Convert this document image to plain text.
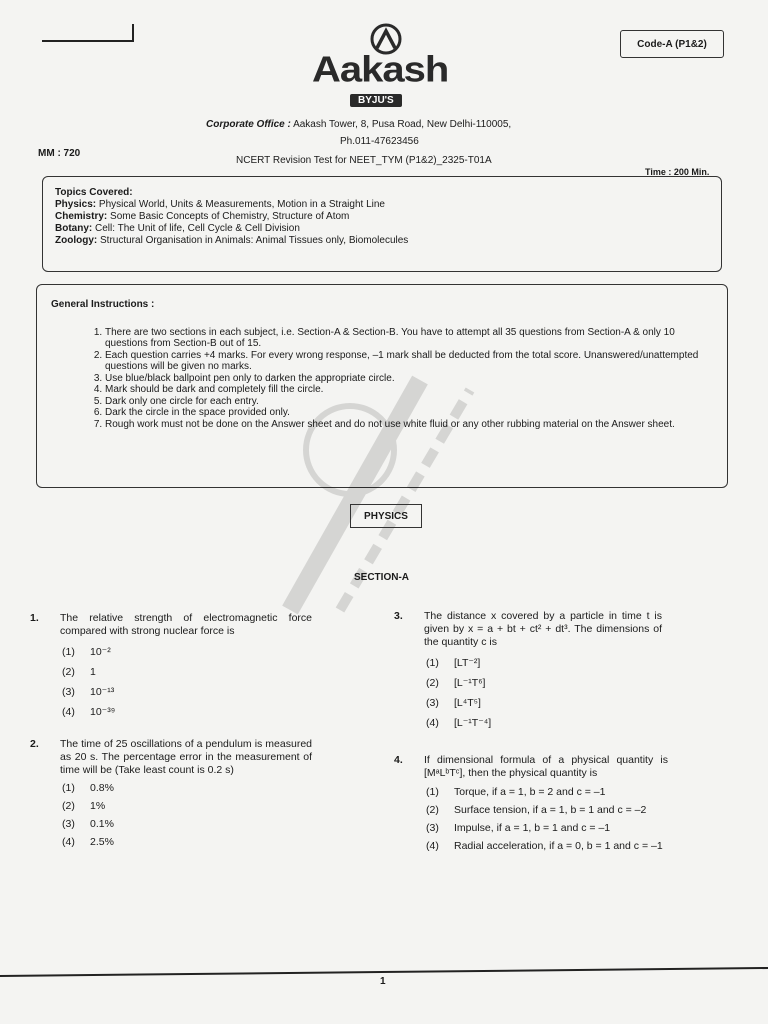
Code-A (P1&2)
Aakash
BYJU'S
Corporate Office : Aakash Tower, 8, Pusa Road, New Delhi-110005,
Ph.011-47623456
MM : 720
NCERT Revision Test for NEET_TYM (P1&2)_2325-T01A
Time : 200 Min.
Topics Covered:
Physics: Physical World, Units & Measurements, Motion in a Straight Line
Chemistry: Some Basic Concepts of Chemistry, Structure of Atom
Botany: Cell: The Unit of life, Cell Cycle & Cell Division
Zoology: Structural Organisation in Animals: Animal Tissues only, Biomolecules
General Instructions :
1. There are two sections in each subject, i.e. Section-A & Section-B. You have to attempt all 35 questions from Section-A & only 10 questions from Section-B out of 15.
2. Each question carries +4 marks. For every wrong response, –1 mark shall be deducted from the total score. Unanswered/unattempted questions will be given no marks.
3. Use blue/black ballpoint pen only to darken the appropriate circle.
4. Mark should be dark and completely fill the circle.
5. Dark only one circle for each entry.
6. Dark the circle in the space provided only.
7. Rough work must not be done on the Answer sheet and do not use white fluid or any other rubbing material on the Answer sheet.
PHYSICS
SECTION-A
1. The relative strength of electromagnetic force compared with strong nuclear force is
(1) 10⁻²
(2) 1
(3) 10⁻¹³
(4) 10⁻³⁹
2. The time of 25 oscillations of a pendulum is measured as 20 s. The percentage error in the measurement of time will be (Take least count is 0.2 s)
(1) 0.8%
(2) 1%
(3) 0.1%
(4) 2.5%
3. The distance x covered by a particle in time t is given by x = a + bt + ct² + dt³. The dimensions of the quantity c is
(1) [LT⁻²]
(2) [L⁻¹T⁶]
(3) [L⁴T⁵]
(4) [L⁻¹T⁻⁴]
4. If dimensional formula of a physical quantity is [MᵃLᵇTᶜ], then the physical quantity is
(1) Torque, if a = 1, b = 2 and c = –1
(2) Surface tension, if a = 1, b = 1 and c = –2
(3) Impulse, if a = 1, b = 1 and c = –1
(4) Radial acceleration, if a = 0, b = 1 and c = –1
1
